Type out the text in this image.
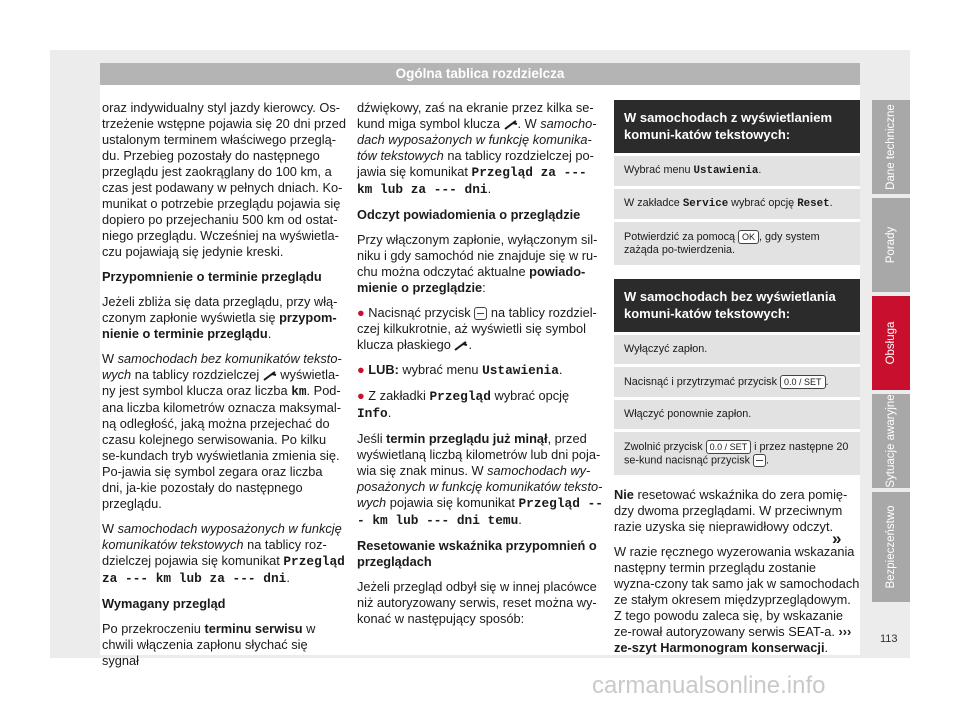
Ogólna tablica rozdzielcza

oraz indywidualny styl jazdy kierowcy. Os-trzeżenie wstępne pojawia się 20 dni przed ustalonym terminem właściwego przeglą-du. Przebieg pozostały do następnego przeglądu jest zaokrąglany do 100 km, a czas jest podawany w pełnych dniach. Ko-munikat o potrzebie przeglądu pojawia się dopiero po przejechaniu 500 km od ostat-niego przeglądu. Wcześniej na wyświetla-czu pojawiają się jedynie kreski.

Przypomnienie o terminie przeglądu

Jeżeli zbliża się data przeglądu, przy włą-czonym zapłonie wyświetla się przypom-nienie o terminie przeglądu.

W samochodach bez komunikatów teksto-wych na tablicy rozdzielczej  wyświetla-ny jest symbol klucza oraz liczba km. Pod-ana liczba kilometrów oznacza maksymal-ną odległość, jaką można przejechać do czasu kolejnego serwisowania. Po kilku se-kundach tryb wyświetlania zmienia się. Po-jawia się symbol zegara oraz liczba dni, ja-kie pozostały do następnego przeglądu.

W samochodach wyposażonych w funkcję komunikatów tekstowych na tablicy roz-dzielczej pojawia się komunikat Przegląd za --- km lub za --- dni.

Wymagany przegląd

Po przekroczeniu terminu serwisu w chwili włączenia zapłonu słychać się sygnał

dźwiękowy, zaś na ekranie przez kilka se-kund miga symbol klucza . W samocho-dach wyposażonych w funkcję komunika-tów tekstowych na tablicy rozdzielczej po-jawia się komunikat Przegląd za --- km lub za --- dni.

Odczyt powiadomienia o przeglądzie

Przy włączonym zapłonie, wyłączonym sil-niku i gdy samochód nie znajduje się w ru-chu można odczytać aktualne powiado-mienie o przeglądzie:

● Nacisnąć przycisk  na tablicy rozdziel-czej kilkukrotnie, aż wyświetli się symbol klucza płaskiego .

● LUB: wybrać menu Ustawienia.

● Z zakładki Przegląd wybrać opcję Info.

Jeśli termin przeglądu już minął, przed wyświetlaną liczbą kilometrów lub dni poja-wia się znak minus. W samochodach wy-posażonych w funkcję komunikatów teksto-wych pojawia się komunikat Przegląd --- km lub --- dni temu.

Resetowanie wskaźnika przypomnień o przeglądach

Jeżeli przegląd odbył się w innej placówce niż autoryzowany serwis, reset można wy-konać w następujący sposób:

W samochodach z wyświetlaniem komuni-katów tekstowych:
Wybrać menu Ustawienia.
W zakładce Service wybrać opcję Reset.
Potwierdzić za pomocą OK , gdy system zażąda po-twierdzenia.
W samochodach bez wyświetlania komuni-katów tekstowych:
Wyłączyć zapłon.
Nacisnąć i przytrzymać przycisk 0.0 / SET .
Włączyć ponownie zapłon.
Zwolnić przycisk 0.0 / SET i przez następne 20 se-kund nacisnąć przycisk .

Nie resetować wskaźnika do zera pomię-dzy dwoma przeglądami. W przeciwnym razie uzyska się nieprawidłowy odczyt.

W razie ręcznego wyzerowania wskazania następny termin przeglądu zostanie wyzna-czony tak samo jak w samochodach ze stałym okresem międzyprzeglądowym. Z tego powodu zaleca się, by wskazanie ze-rował autoryzowany serwis SEAT-a. ››› ze-szyt Harmonogram konserwacji.

»
Dane techniczne
Porady
Obsługa
Sytuacje awaryjne
Bezpieczeństwo
113
carmanualsonline.info
